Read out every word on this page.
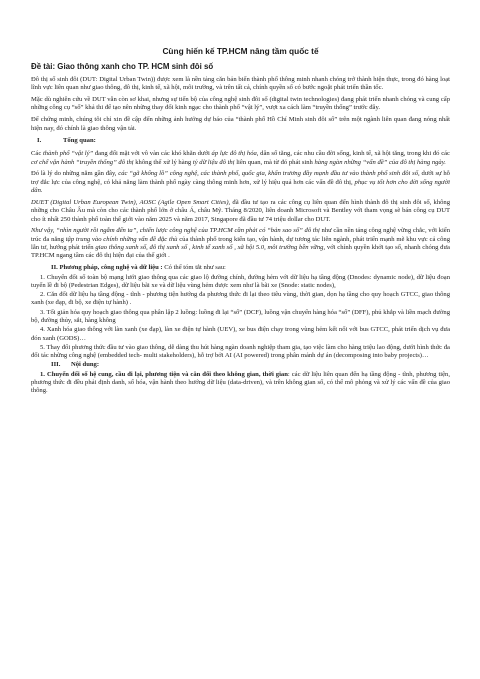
Cùng hiến kế TP.HCM nâng tầm quốc tế
Đề tài: Giao thông xanh cho TP. HCM sinh đôi số

Đô thị số sinh đôi (DUT: Digital Urban Twin)) được xem là nền tảng căn bản biến thành phố thông minh nhanh chóng trở thành hiện thực, trong đó hàng loạt lĩnh vực liên quan như giao thông, đô thị, kinh tế, xã hội, môi trường, và trên tất cả, chính quyền số có bước ngoặt phát triển thần tốc.

Mặc dù nghiên cứu về DUT vẫn còn sơ khai, nhưng sự tiến bộ của công nghệ sinh đôi số (digital twin technologies) đang phát triển nhanh chóng và cung cấp những công cụ “số” khả thi để tạo nên những thay đổi kinh ngạc cho thành phố “vật lý”, vượt xa cách làm “truyền thống” trước đây.

Để chứng minh, chúng tôi chỉ xin đề cập đến những ảnh hưởng dự báo của “thành phố Hồ Chí Minh sinh đôi số” trên một ngành liên quan đang nóng nhất hiện nay, đó chính là giao thông vận tải.

I.	Tổng quan:

Các thành phố “vật lý” đang đối mặt với vô vàn các khó khăn dưới áp lực đô thị hóa, dân số tăng, các nhu cầu đời sống, kinh tế, xã hội tăng, trong khi đó các cơ chế vận hành “truyền thống” đô thị không thể xử lý hàng tỷ dữ liệu đô thị liên quan, mà từ đó phát sinh hàng ngàn những “vấn đề” của đô thị hàng ngày.

Đó là lý do những năm gần đây, các “gã khổng lồ” công nghệ, các thành phố, quốc gia, khẩn trương đầy mạnh đầu tư vào thành phố sinh đôi số, dưới sự hỗ trợ đắc lực của công nghệ, có khả năng làm thành phố ngày càng thông minh hơn, xử lý hiệu quả hơn các vấn đề đô thị, phục vụ tốt hơn cho đời sống người dân.

DUET (Digital Urban European Twin), AOSC (Agile Open Smart Cities), đã đầu tư tạo ra các công cụ liên quan đến hình thành đô thị sinh đôi số, không những cho Châu Âu mà còn cho các thành phố lớn ở châu Á, châu Mỹ. Tháng 8/2020, liên doanh Microsoft và Bentley với tham vọng sẽ bán công cụ DUT cho ít nhất 250 thành phố toàn thế giới vào năm 2025 và năm 2017, Singapore đã đầu tư 74 triệu dollar cho DUT.

Như vậy, “nhìn người rồi ngẫm đến ta”, chiến lược công nghệ của TP.HCM cần phải có “bản sao số” đô thị như cần nền tảng công nghệ vững chắc, với kiến trúc đa năng tập trung vào chính những vấn đề đặc thù của thành phố trong kiến tạo, vận hành, dự tương tác liên ngành, phát triển mạnh mẽ khu vực cả công lẫn tư, hướng phát triển giao thông xanh số, đô thị xanh số , kinh tế xanh số , xã hội 5.0, môi trường bền vững, với chính quyền khởi tạo số, nhanh chóng đưa TP.HCM ngang tầm các đô thị hiện đại của thế giới .

II. Phương pháp, công nghệ và dữ liệu : Có thể tóm tắt như sau:

1. Chuyển đổi số toàn bộ mạng lưới giao thông qua các giao lộ đường chính, đường hẻm với dữ liệu hạ tầng động (Dnodes: dynamic node), dữ liệu đoạn tuyến lề đi bộ (Pedestrian Edges), dữ liệu bãi xe và dữ liệu vùng hẻm được xem như là bãi xe (Snode: static nodes),

2. Căn đối dữ liệu hạ tầng động - tĩnh - phương tiện hướng đa phương thức đi lại theo tiêu vùng, thời gian, dọn hạ tầng cho quy hoạch GTCC, giao thông xanh (xe đạp, đi bộ, xe điện tự hành) .

3. Tối giản hóa quy hoạch giao thông qua phân lập 2 luồng: luồng đi lại “số” (DCF), luồng vận chuyển hàng hóa “số” (DFF), phủ khắp và liền mạch đường bộ, đường thủy, sắt, hàng không

4. Xanh hóa giao thông với làn xanh (xe đạp), làn xe điện tự hành (UEV), xe bus điện chạy trong vùng hẻm kết nối với bus GTCC, phát triển dịch vụ đưa đón xanh (GODS)…

5. Thay đổi phương thức đầu tư vào giao thông, dễ dàng thu hút hàng ngàn doanh nghiệp tham gia, tạo việc làm cho hàng triệu lao động, dưới hình thức đa đối tác những công nghệ (embedded tech- multi stakeholders), hỗ trợ bởi AI (AI powered) trong phân mảnh dự án (decomposing into baby projects)…

III. Nội dung:

1. Chuyển đổi số hệ cung, cầu đi lại, phương tiện và cân đối theo không gian, thời gian: các dữ liệu liên quan đến hạ tầng động - tĩnh, phương tiện, phương thức đi đều phải định danh, số hóa, vận hành theo hướng dữ liệu (data-driven), và trên không gian số, có thể mô phỏng và xử lý các vấn đề của giao thông.
